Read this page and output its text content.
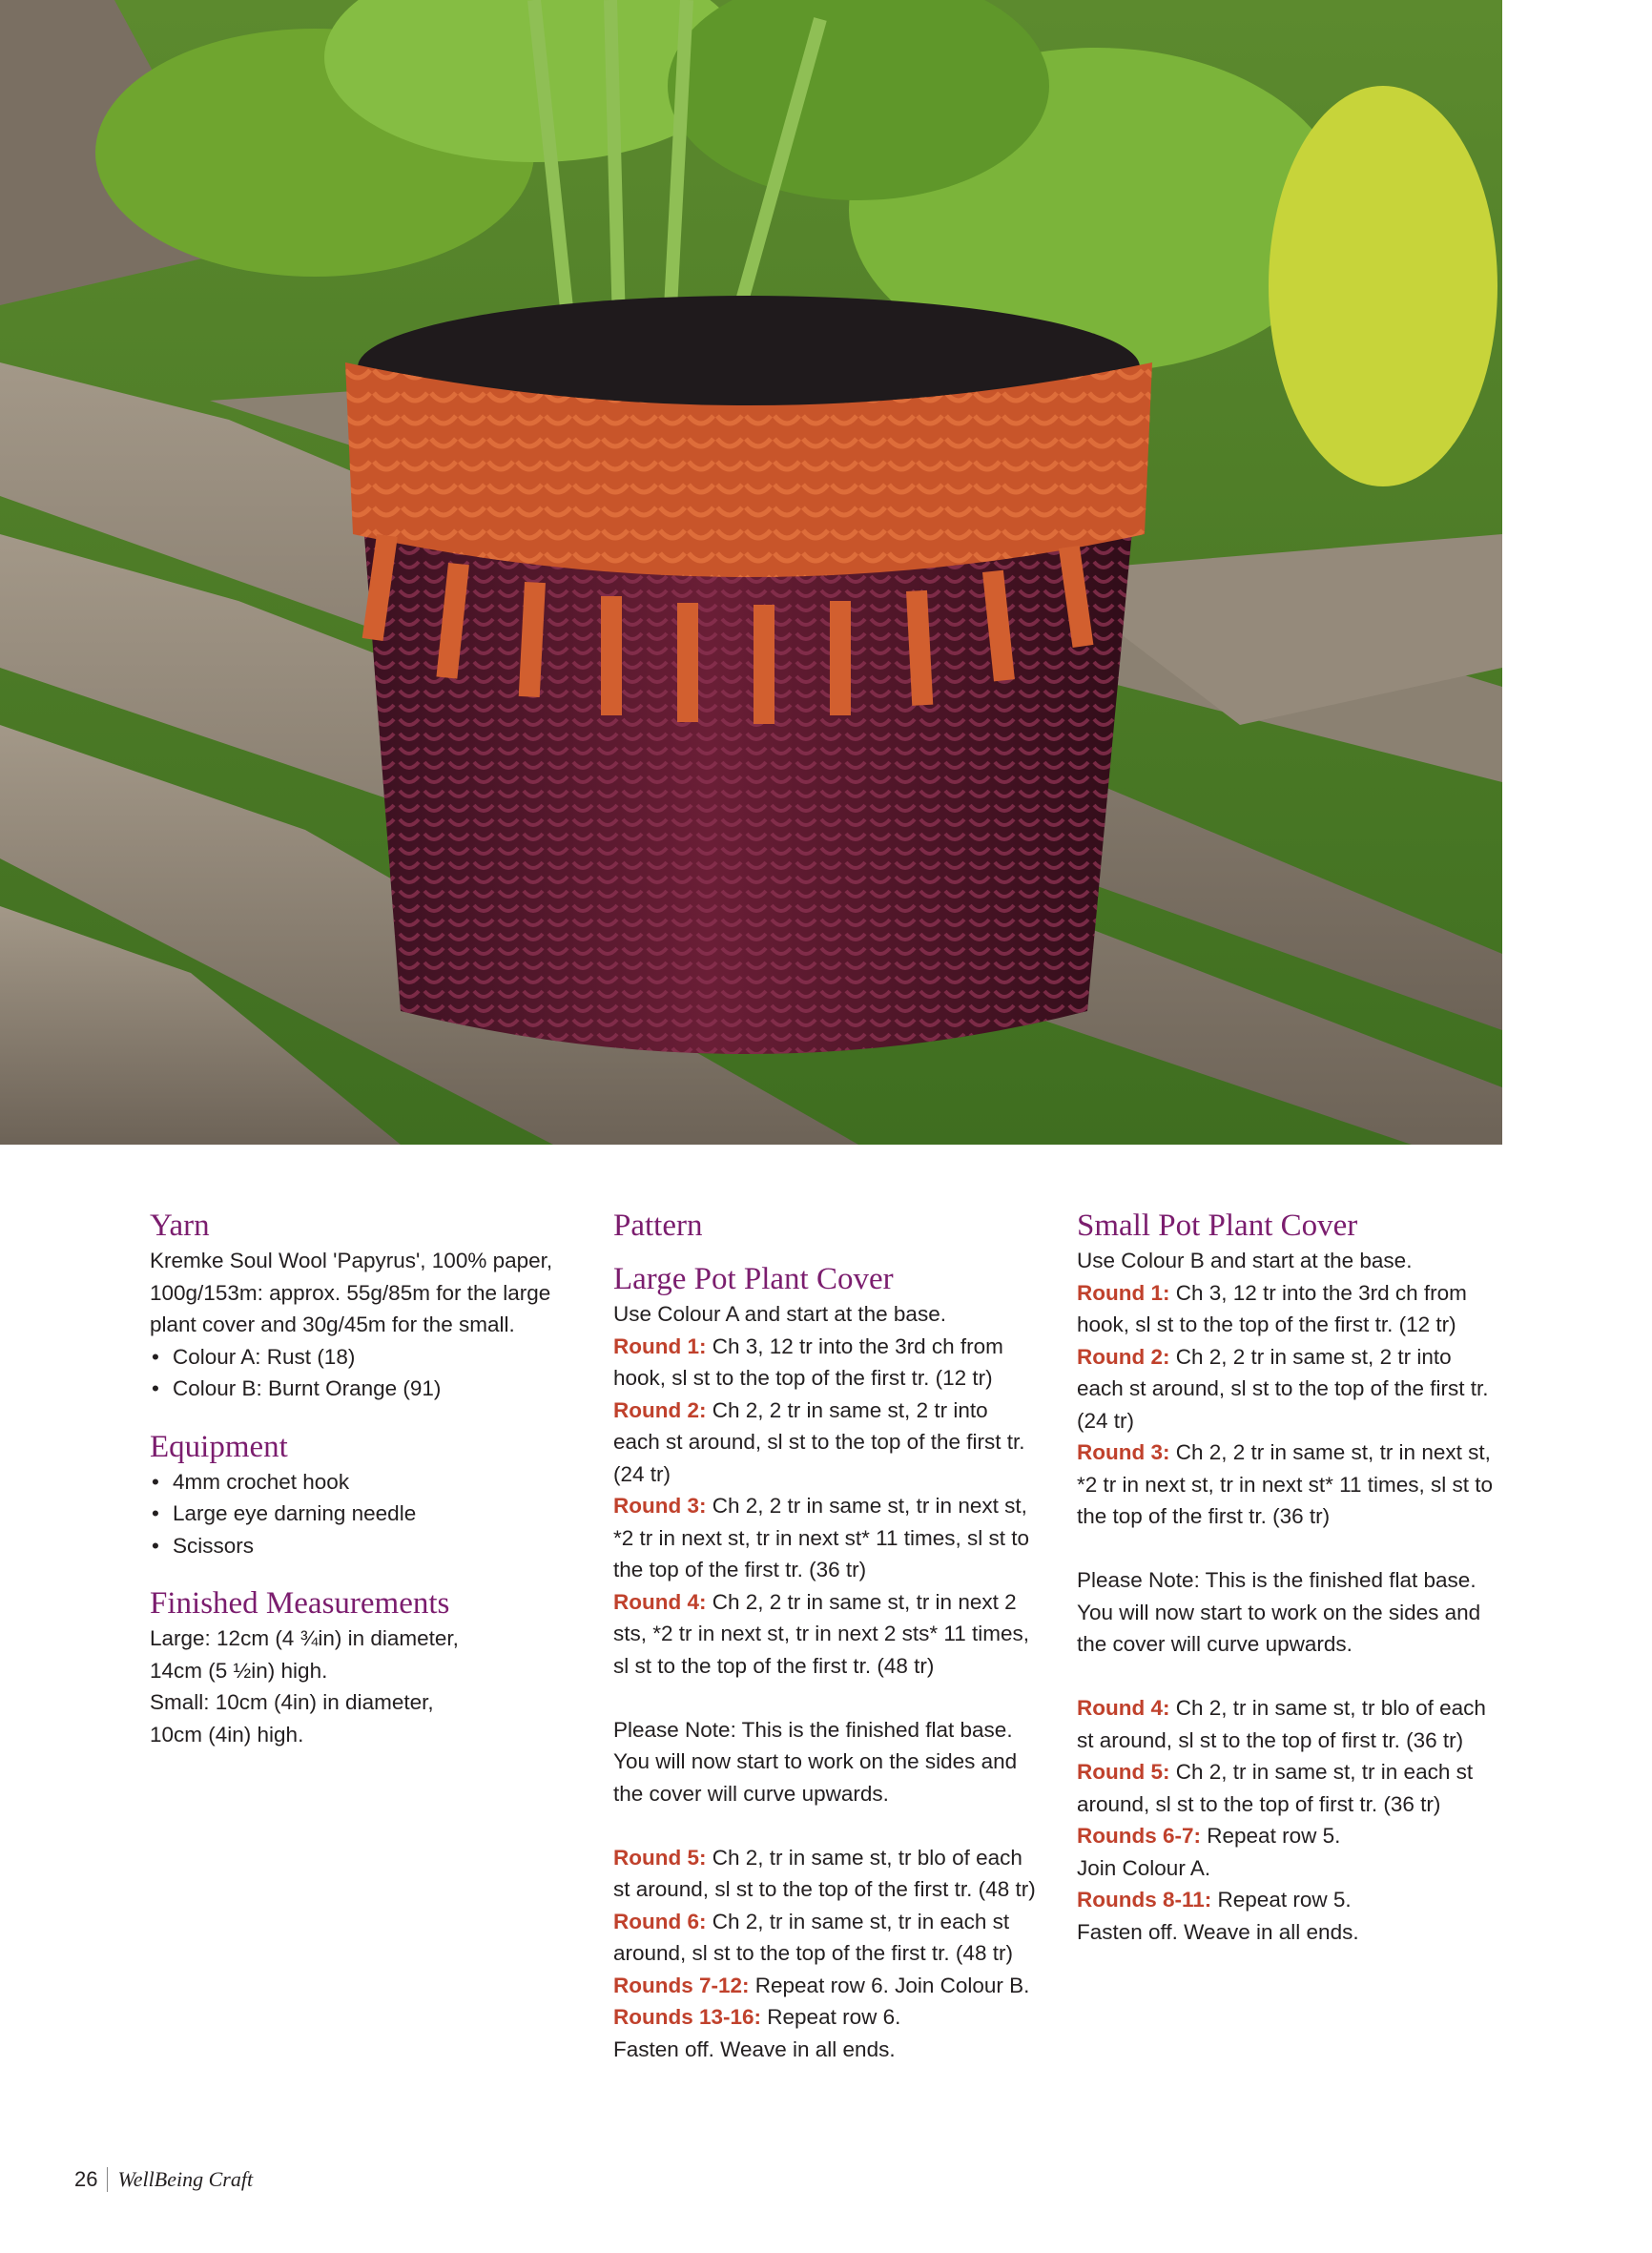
Yarn

Kremke Soul Wool 'Papyrus', 100% paper, 100g/153m: approx. 55g/85m for the large plant cover and 30g/45m for the small.

• Colour A: Rust (18)
• Colour B: Burnt Orange (91)
Equipment
• 4mm crochet hook
• Large eye darning needle
• Scissors
Finished Measurements

Large: 12cm (4 ¾in) in diameter,

14cm (5 ½in) high.

Small: 10cm (4in) in diameter,

10cm (4in) high.

Pattern
Large Pot Plant Cover

Use Colour A and start at the base.

Round 1: Ch 3, 12 tr into the 3rd ch from hook, sl st to the top of the first tr. (12 tr)

Round 2: Ch 2, 2 tr in same st, 2 tr into each st around, sl st to the top of the first tr. (24 tr)

Round 3: Ch 2, 2 tr in same st, tr in next st, *2 tr in next st, tr in next st* 11 times, sl st to the top of the first tr. (36 tr)

Round 4: Ch 2, 2 tr in same st, tr in next 2 sts, *2 tr in next st, tr in next 2 sts* 11 times, sl st to the top of the first tr. (48 tr)

Please Note: This is the finished flat base. You will now start to work on the sides and the cover will curve upwards.

Round 5: Ch 2, tr in same st, tr blo of each st around, sl st to the top of the first tr. (48 tr)

Round 6: Ch 2, tr in same st, tr in each st around, sl st to the top of the first tr. (48 tr)

Rounds 7-12: Repeat row 6. Join Colour B.

Rounds 13-16: Repeat row 6.

Fasten off. Weave in all ends.

Small Pot Plant Cover

Use Colour B and start at the base.

Round 1: Ch 3, 12 tr into the 3rd ch from hook, sl st to the top of the first tr. (12 tr)

Round 2: Ch 2, 2 tr in same st, 2 tr into each st around, sl st to the top of the first tr. (24 tr)

Round 3: Ch 2, 2 tr in same st, tr in next st, *2 tr in next st, tr in next st* 11 times, sl st to the top of the first tr. (36 tr)

Please Note: This is the finished flat base. You will now start to work on the sides and the cover will curve upwards.

Round 4: Ch 2, tr in same st, tr blo of each st around, sl st to the top of first tr. (36 tr)

Round 5: Ch 2, tr in same st, tr in each st around, sl st to the top of first tr. (36 tr)

Rounds 6-7: Repeat row 5.

Join Colour A.

Rounds 8-11: Repeat row 5.

Fasten off. Weave in all ends.

26 WellBeing Craft
